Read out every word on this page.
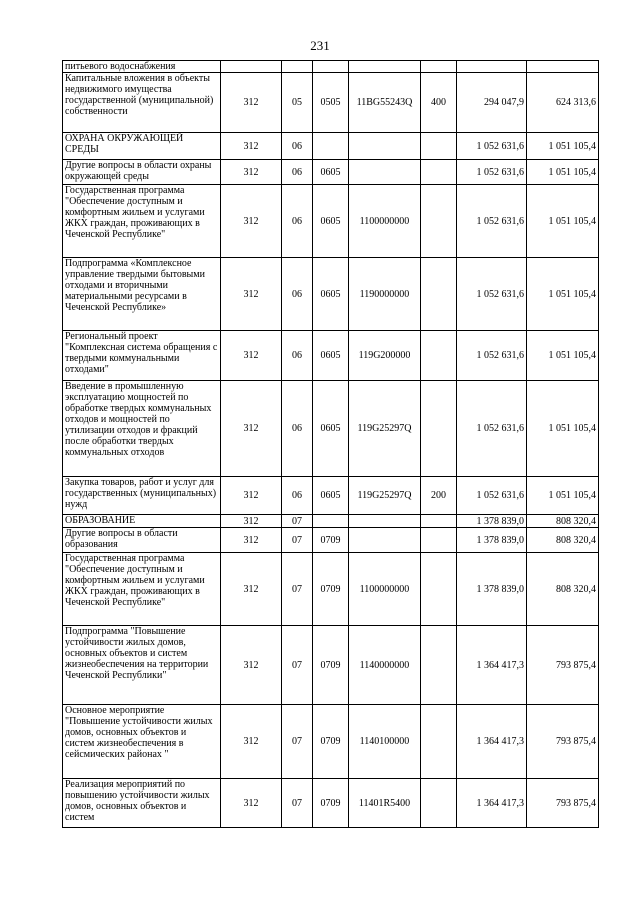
231
питьевого водоснабжения							
Капитальные вложения в объекты недвижимого имущества государственной (муниципальной) собственности	312	05	0505	11BG55243Q	400	294 047,9	624 313,6
ОХРАНА ОКРУЖАЮЩЕЙ СРЕДЫ	312	06				1 052 631,6	1 051 105,4
Другие вопросы в области охраны окружающей среды	312	06	0605			1 052 631,6	1 051 105,4
Государственная программа "Обеспечение доступным и комфортным жильем и услугами ЖКХ граждан, проживающих в Чеченской Республике"	312	06	0605	1100000000		1 052 631,6	1 051 105,4
Подпрограмма «Комплексное управление твердыми бытовыми отходами и вторичными материальными ресурсами в Чеченской Республике»	312	06	0605	1190000000		1 052 631,6	1 051 105,4
Региональный проект "Комплексная система обращения с твердыми коммунальными отходами"	312	06	0605	119G200000		1 052 631,6	1 051 105,4
Введение в промышленную эксплуатацию мощностей по обработке твердых коммунальных отходов и мощностей по утилизации отходов и фракций после обработки твердых коммунальных отходов	312	06	0605	119G25297Q		1 052 631,6	1 051 105,4
Закупка товаров, работ и услуг для государственных (муниципальных) нужд	312	06	0605	119G25297Q	200	1 052 631,6	1 051 105,4
ОБРАЗОВАНИЕ	312	07				1 378 839,0	808 320,4
Другие вопросы в области образования	312	07	0709			1 378 839,0	808 320,4
Государственная программа "Обеспечение доступным и комфортным жильем и услугами ЖКХ граждан, проживающих в Чеченской Республике"	312	07	0709	1100000000		1 378 839,0	808 320,4
Подпрограмма "Повышение устойчивости жилых домов, основных объектов и систем жизнеобеспечения на территории Чеченской Республики"	312	07	0709	1140000000		1 364 417,3	793 875,4
Основное мероприятие "Повышение устойчивости жилых домов, основных объектов и систем жизнеобеспечения в сейсмических районах "	312	07	0709	1140100000		1 364 417,3	793 875,4
Реализация мероприятий по повышению устойчивости жилых домов, основных объектов и систем	312	07	0709	11401R5400		1 364 417,3	793 875,4
